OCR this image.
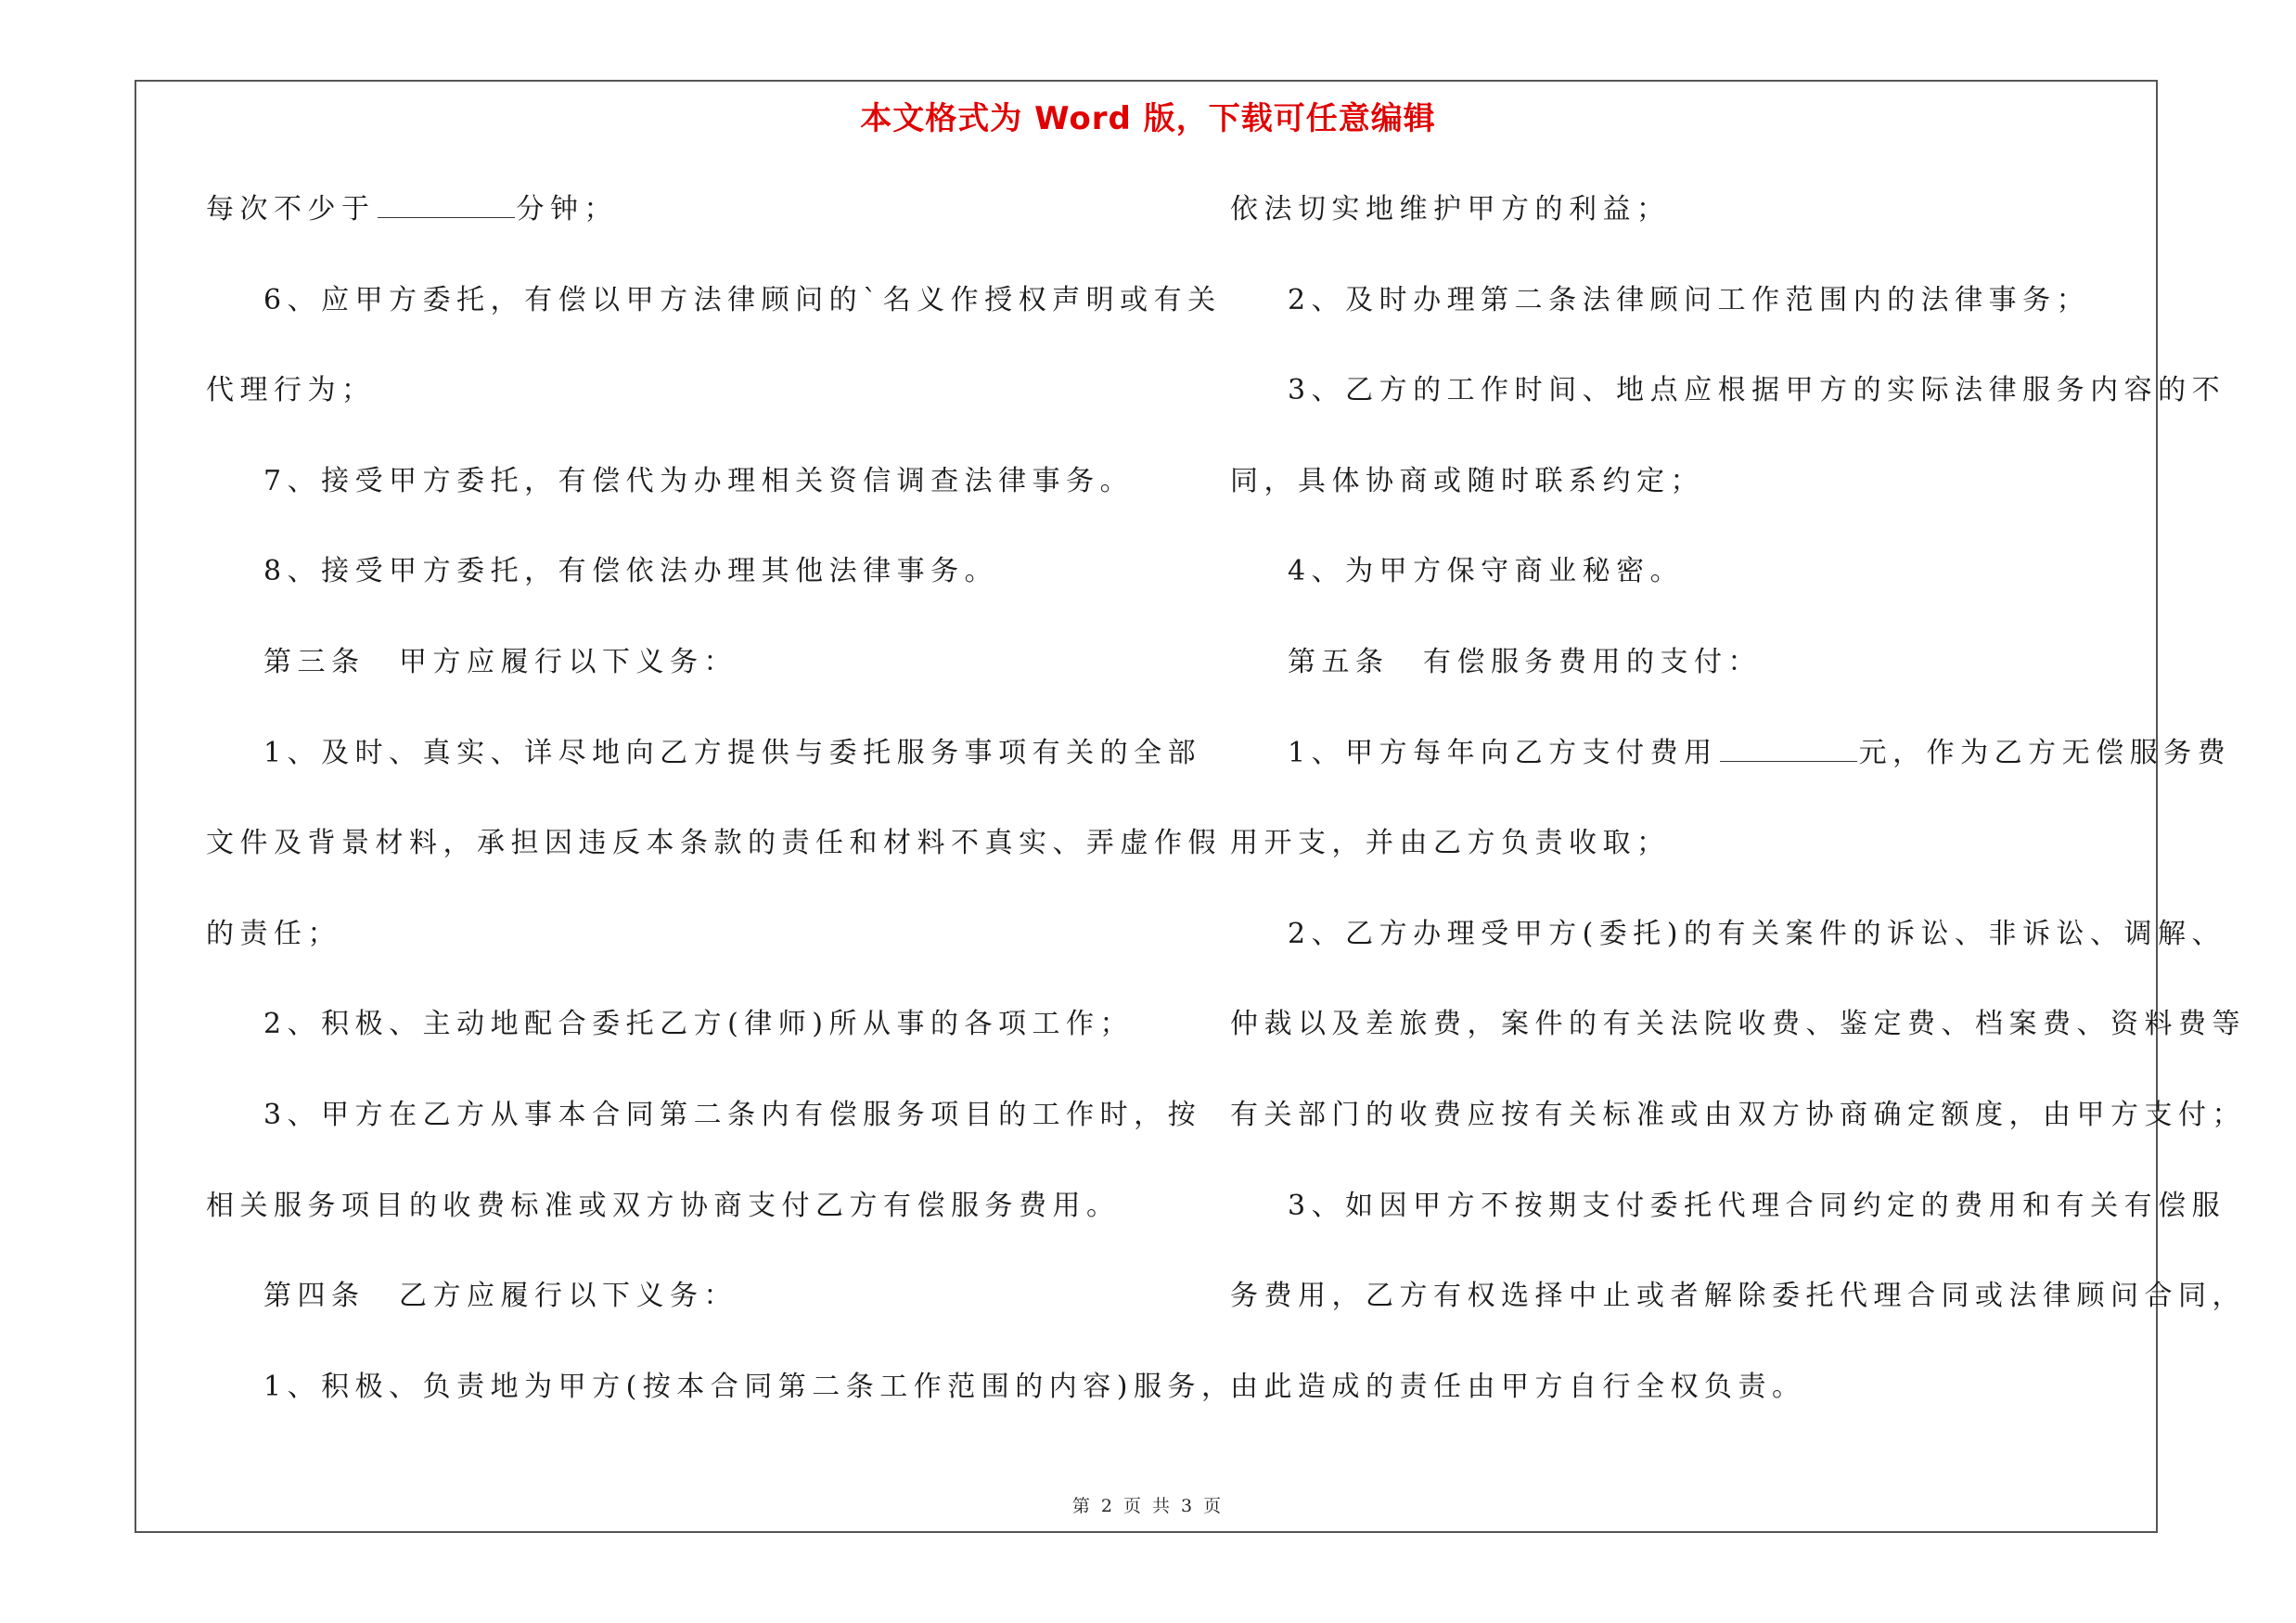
本文格式为 Word 版，下载可任意编辑
每次不少于	分钟；
6、应甲方委托，有偿以甲方法律顾问的`名义作授权声明或有关
代理行为；
7、接受甲方委托，有偿代为办理相关资信调查法律事务。
8、接受甲方委托，有偿依法办理其他法律事务。
第三条　甲方应履行以下义务：
1、及时、真实、详尽地向乙方提供与委托服务事项有关的全部
文件及背景材料，承担因违反本条款的责任和材料不真实、弄虚作假
的责任；
2、积极、主动地配合委托乙方(律师)所从事的各项工作；
3、甲方在乙方从事本合同第二条内有偿服务项目的工作时，按
相关服务项目的收费标准或双方协商支付乙方有偿服务费用。
第四条　乙方应履行以下义务：
1、积极、负责地为甲方(按本合同第二条工作范围的内容)服务，
依法切实地维护甲方的利益；
2、及时办理第二条法律顾问工作范围内的法律事务；
3、乙方的工作时间、地点应根据甲方的实际法律服务内容的不
同，具体协商或随时联系约定；
4、为甲方保守商业秘密。
第五条　有偿服务费用的支付：
1、甲方每年向乙方支付费用	元，作为乙方无偿服务费
用开支，并由乙方负责收取；
2、乙方办理受甲方(委托)的有关案件的诉讼、非诉讼、调解、
仲裁以及差旅费，案件的有关法院收费、鉴定费、档案费、资料费等
有关部门的收费应按有关标准或由双方协商确定额度，由甲方支付；
3、如因甲方不按期支付委托代理合同约定的费用和有关有偿服
务费用，乙方有权选择中止或者解除委托代理合同或法律顾问合同，
由此造成的责任由甲方自行全权负责。
第 2 页 共 3 页
